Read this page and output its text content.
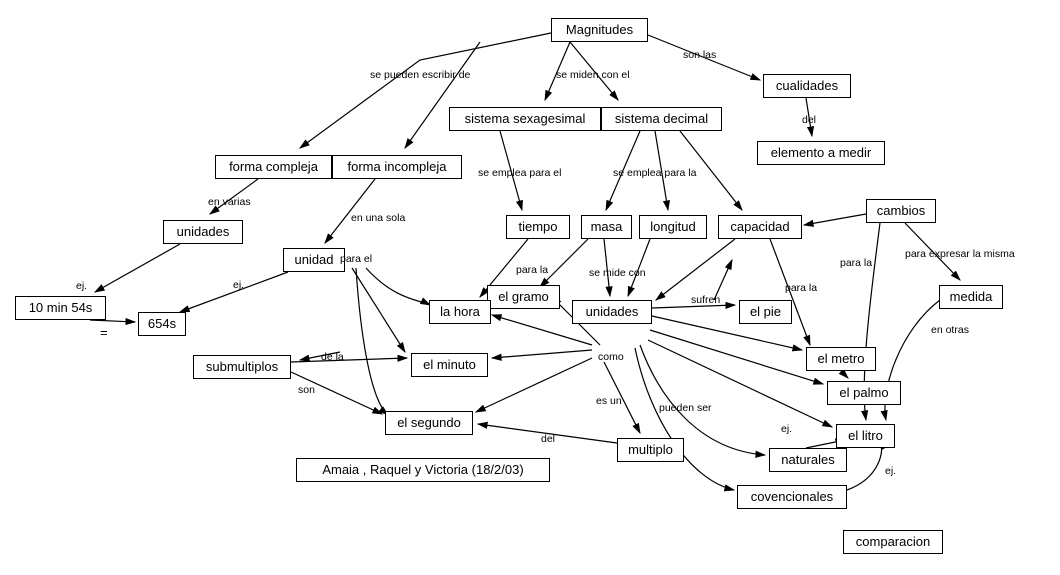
Magnitudes
cualidades
elemento a medir
sistema sexagesimal	sistema decimal
forma compleja	forma incompleja
unidades
unidad
10 min 54s
654s
tiempo	masa	longitud	capacidad
cambios
medida
el gramo
la hora	unidades	el pie
el metro
submultiplos	el minuto
el palmo
el segundo
el litro
multiplo
naturales
covencionales
comparacion
Amaia , Raquel y Victoria (18/2/03)
son las
se miden con el
se pueden escribir de
del
se emplea para el	se emplea para la
en varias
en una sola
para expresar la misma
ej.	ej.
para el
para la	se mide con
para la
para la
sufren
en otras
de la	como
son
pueden ser
es un
ej.
del
ej.
=
